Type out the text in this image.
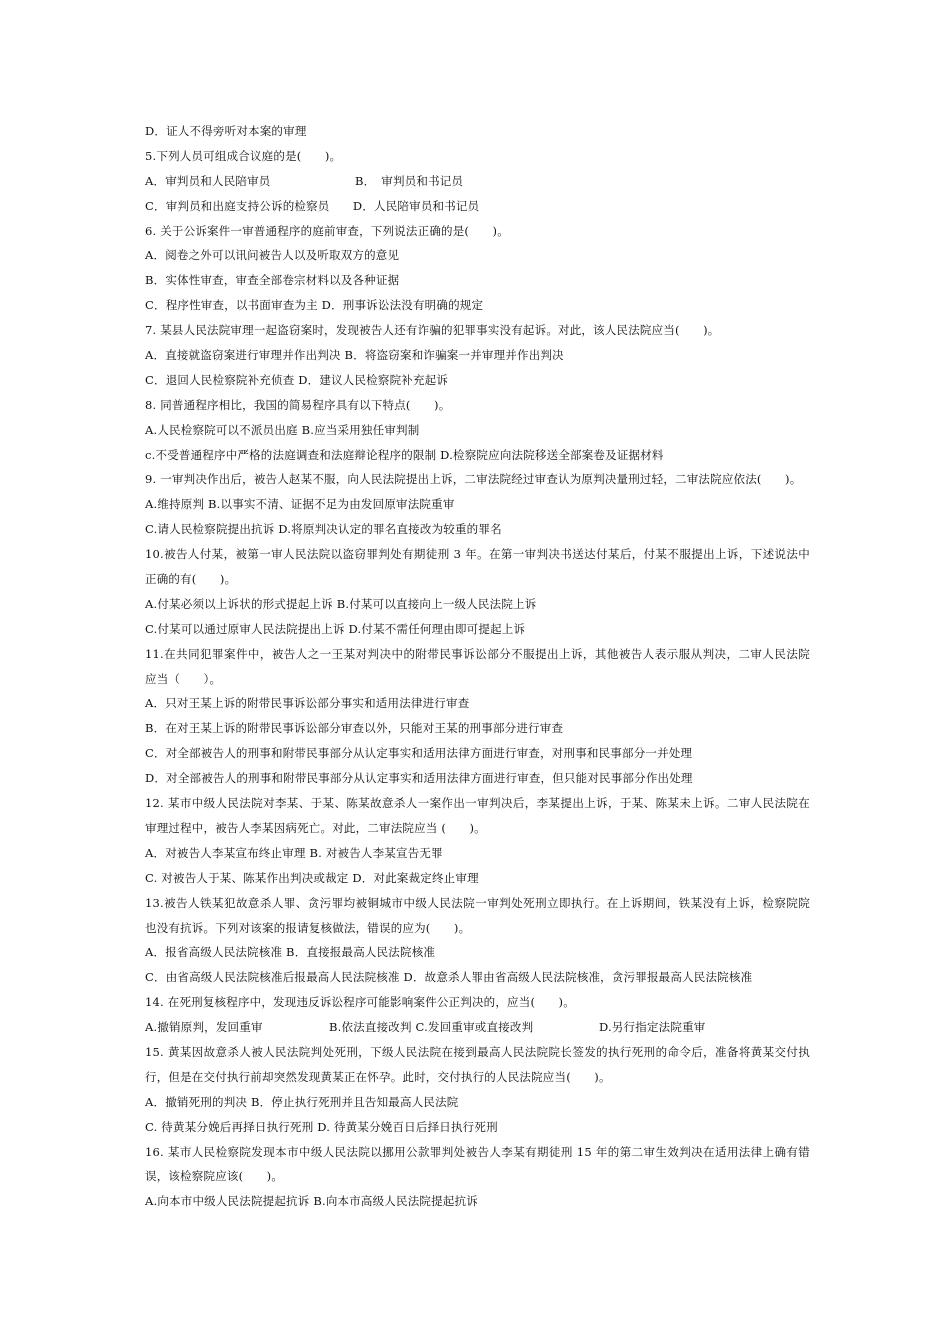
D．证人不得旁听对本案的审理
5.下列人员可组成合议庭的是(　　)。
A．审判员和人民陪审员	B．　审判员和书记员
C．审判员和出庭支持公诉的检察员　　D．人民陪审员和书记员
6. 关于公诉案件一审普通程序的庭前审查，下列说法正确的是(　　)。
A．阅卷之外可以讯问被告人以及听取双方的意见
B．实体性审查，审查全部卷宗材料以及各种证据
C．程序性审查，以书面审查为主 D．刑事诉讼法没有明确的规定
7. 某县人民法院审理一起盗窃案时，发现被告人还有诈骗的犯罪事实没有起诉。对此，该人民法院应当(　　)。
A．直接就盗窃案进行审理并作出判决 B．将盗窃案和诈骗案一并审理并作出判决
C．退回人民检察院补充侦查 D．建议人民检察院补充起诉
8. 同普通程序相比，我国的简易程序具有以下特点(　　)。
A.人民检察院可以不派员出庭 B.应当采用独任审判制
c.不受普通程序中严格的法庭调查和法庭辩论程序的限制 D.检察院应向法院移送全部案卷及证据材料
9. 一审判决作出后，被告人赵某不服，向人民法院提出上诉，二审法院经过审查认为原判决量刑过轻，二审法院应依法(　　)。
A.维持原判 B.以事实不清、证据不足为由发回原审法院重审
C.请人民检察院提出抗诉 D.将原判决认定的罪名直接改为较重的罪名
10.被告人付某，被第一审人民法院以盗窃罪判处有期徒刑 3 年。在第一审判决书送达付某后，付某不服提出上诉，下述说法中
正确的有(　　)。
A.付某必须以上诉状的形式提起上诉 B.付某可以直接向上一级人民法院上诉
C.付某可以通过原审人民法院提出上诉 D.付某不需任何理由即可提起上诉
11.在共同犯罪案件中，被告人之一王某对判决中的附带民事诉讼部分不服提出上诉，其他被告人表示服从判决，二审人民法院
应当（　　）。
A．只对王某上诉的附带民事诉讼部分事实和适用法律进行审查
B．在对王某上诉的附带民事诉讼部分审查以外，只能对王某的刑事部分进行审查
C．对全部被告人的刑事和附带民事部分从认定事实和适用法律方面进行审查，对刑事和民事部分一并处理
D．对全部被告人的刑事和附带民事部分从认定事实和适用法律方面进行审查，但只能对民事部分作出处理
12. 某市中级人民法院对李某、于某、陈某故意杀人一案作出一审判决后，李某提出上诉，于某、陈某未上诉。二审人民法院在
审理过程中，被告人李某因病死亡。对此，二审法院应当 (　　)。
A．对被告人李某宣布终止审理 B. 对被告人李某宣告无罪
C. 对被告人于某、陈某作出判决或裁定 D．对此案裁定终止审理
13.被告人铁某犯故意杀人罪、贪污罪均被铜城市中级人民法院一审判处死刑立即执行。在上诉期间，铁某没有上诉，检察院院
也没有抗诉。下列对该案的报请复核做法，错误的应为(　　)。
A．报省高级人民法院核准 B．直接报最高人民法院核准
C．由省高级人民法院核准后报最高人民法院核准 D．故意杀人罪由省高级人民法院核准，贪污罪报最高人民法院核准
14. 在死刑复核程序中，发现违反诉讼程序可能影响案件公正判决的，应当(　　)。
A.撤销原判，发回重审	B.依法直接改判 C.发回重审或直接改判	D.另行指定法院重审
15. 黄某因故意杀人被人民法院判处死刑，下级人民法院在接到最高人民法院院长签发的执行死刑的命令后，准备将黄某交付执
行，但是在交付执行前却突然发现黄某正在怀孕。此时，交付执行的人民法院应当(　　)。
A．撤销死刑的判决 B．停止执行死刑并且告知最高人民法院
C. 待黄某分娩后再择日执行死刑 D. 待黄某分娩百日后择日执行死刑
16. 某市人民检察院发现本市中级人民法院以挪用公款罪判处被告人李某有期徒刑 15 年的第二审生效判决在适用法律上确有错
误，该检察院应该(　　)。
A.向本市中级人民法院提起抗诉 B.向本市高级人民法院提起抗诉
